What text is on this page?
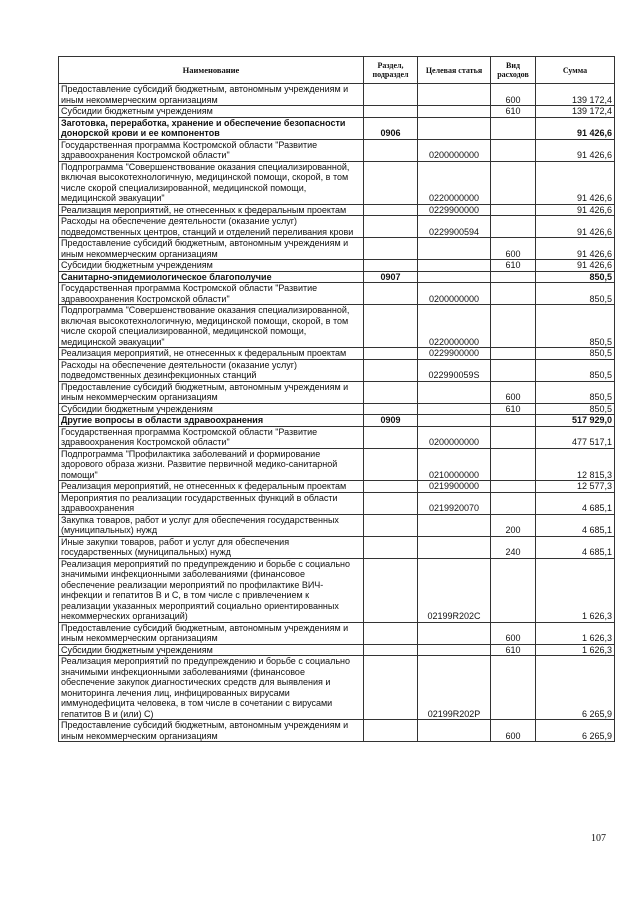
Наименование	Раздел, подраздел	Целевая статья	Вид расходов	Сумма
Предоставление субсидий бюджетным, автономным учреждениям и иным некоммерческим организациям			600	139 172,4
Субсидии бюджетным учреждениям			610	139 172,4
Заготовка, переработка, хранение и обеспечение безопасности донорской крови и ее компонентов	0906			91 426,6
Государственная программа Костромской области "Развитие здравоохранения Костромской области"		0200000000		91 426,6
Подпрограмма "Совершенствование оказания специализированной, включая высокотехнологичную, медицинской помощи, скорой, в том числе скорой специализированной, медицинской помощи, медицинской эвакуации"		0220000000		91 426,6
Реализация мероприятий, не отнесенных к федеральным проектам		0229900000		91 426,6
Расходы на обеспечение деятельности (оказание услуг) подведомственных центров, станций и отделений переливания крови		0229900594		91 426,6
Предоставление субсидий бюджетным, автономным учреждениям и иным некоммерческим организациям			600	91 426,6
Субсидии бюджетным учреждениям			610	91 426,6
Санитарно-эпидемиологическое благополучие	0907			850,5
Государственная программа Костромской области "Развитие здравоохранения Костромской области"		0200000000		850,5
Подпрограмма "Совершенствование оказания специализированной, включая высокотехнологичную, медицинской помощи, скорой, в том числе скорой специализированной, медицинской помощи, медицинской эвакуации"		0220000000		850,5
Реализация мероприятий, не отнесенных к федеральным проектам		0229900000		850,5
Расходы на обеспечение деятельности (оказание услуг) подведомственных дезинфекционных станций		022990059S		850,5
Предоставление субсидий бюджетным, автономным учреждениям и иным некоммерческим организациям			600	850,5
Субсидии бюджетным учреждениям			610	850,5
Другие вопросы в области здравоохранения	0909			517 929,0
Государственная программа Костромской области "Развитие здравоохранения Костромской области"		0200000000		477 517,1
Подпрограмма "Профилактика заболеваний и формирование здорового образа жизни. Развитие первичной медико-санитарной помощи"		0210000000		12 815,3
Реализация мероприятий, не отнесенных к федеральным проектам		0219900000		12 577,3
Мероприятия по реализации государственных функций в области здравоохранения		0219920070		4 685,1
Закупка товаров, работ и услуг для обеспечения государственных (муниципальных) нужд			200	4 685,1
Иные закупки товаров, работ и услуг для обеспечения государственных (муниципальных) нужд			240	4 685,1
Реализация мероприятий по предупреждению и борьбе с социально значимыми инфекционными заболеваниями (финансовое обеспечение реализации мероприятий по профилактике ВИЧ- инфекции и гепатитов В и С, в том числе с привлечением к реализации указанных мероприятий социально ориентированных некоммерческих организаций)		02199R202C		1 626,3
Предоставление субсидий бюджетным, автономным учреждениям и иным некоммерческим организациям			600	1 626,3
Субсидии бюджетным учреждениям			610	1 626,3
Реализация мероприятий по предупреждению и борьбе с социально значимыми инфекционными заболеваниями (финансовое обеспечение закупок диагностических средств для выявления и мониторинга лечения лиц, инфицированных вирусами иммунодефицита человека, в том числе в сочетании с вирусами гепатитов В и (или) С)		02199R202P		6 265,9
Предоставление субсидий бюджетным, автономным учреждениям и иным некоммерческим организациям			600	6 265,9
107
